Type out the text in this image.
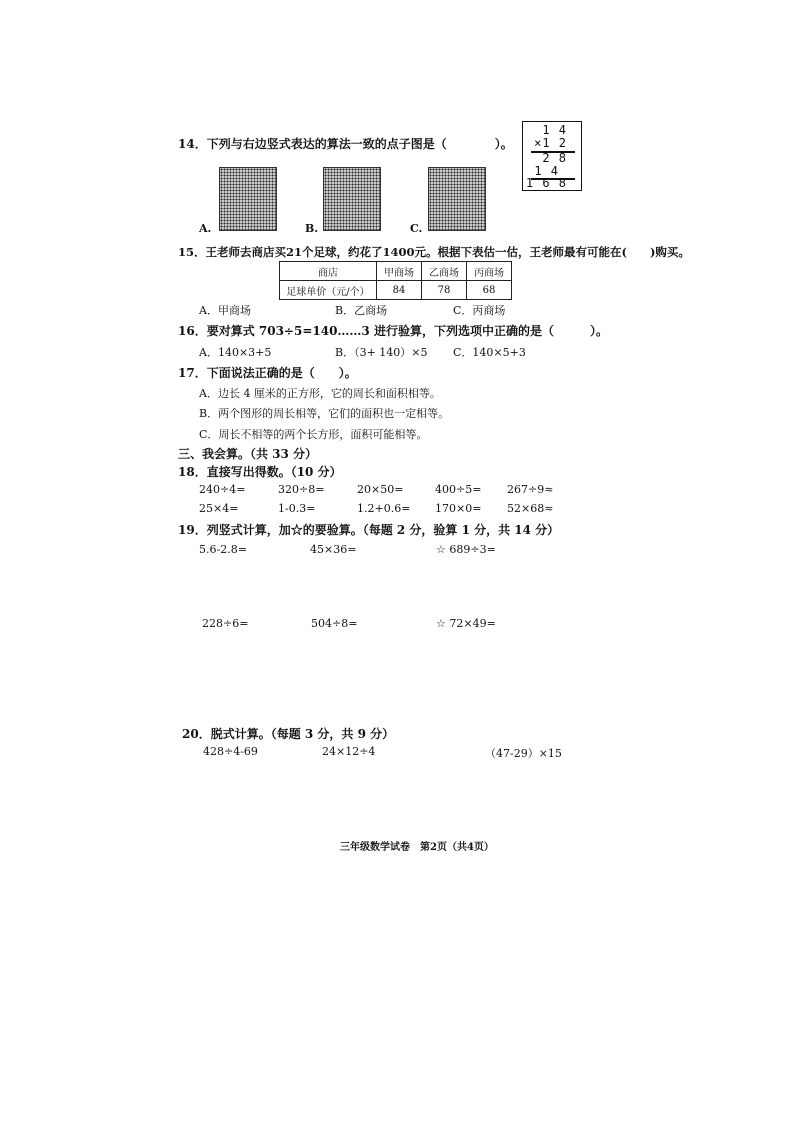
14．下列与右边竖式表达的算法一致的点子图是（　　　　）。
1 4
×1 2
2 8
1 4
1 6 8
A.	B.	C.
15．王老师去商店买21个足球，约花了1400元。根据下表估一估，王老师最有可能在(　　)购买。
商店	甲商场	乙商场	丙商场
足球单价（元/个）	84	78	68
A．甲商场	B．乙商场	C．丙商场
16．要对算式 703÷5=140……3 进行验算，下列选项中正确的是（　　　）。
A．140×3+5	B．（3+ 140）×5 C．140×5+3
17．下面说法正确的是（　　）。
A．边长 4 厘米的正方形，它的周长和面积相等。
B．两个图形的周长相等，它们的面积也一定相等。
C．周长不相等的两个长方形，面积可能相等。
三、我会算。（共 33 分）
18．直接写出得数。（10 分）
240÷4=	320÷8=	20×50=	400÷5= 267÷9≈
25×4=	1-0.3=	1.2+0.6= 170×0= 52×68≈
19．列竖式计算，加☆的要验算。（每题 2 分，验算 1 分，共 14 分）
5.6-2.8=	45×36=	☆ 689÷3=
228÷6=	504÷8=	☆ 72×49=
20．脱式计算。（每题 3 分，共 9 分）
428÷4-69	24×12÷4	（47-29）×15
三年级数学试卷　第2页（共4页）
